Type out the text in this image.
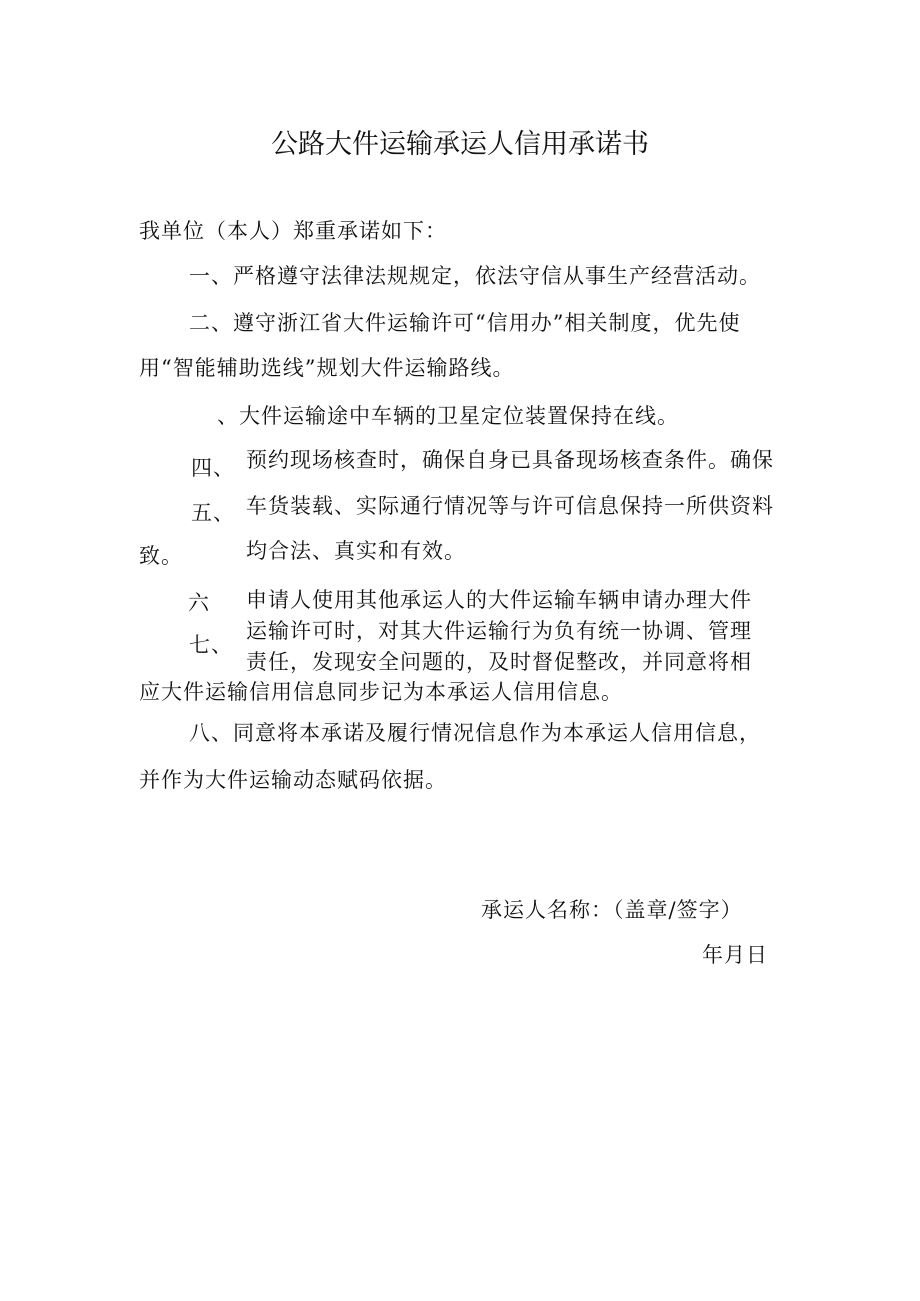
公路大件运输承运人信用承诺书
我单位（本人）郑重承诺如下：
一、严格遵守法律法规规定，依法守信从事生产经营活动。
二、遵守浙江省大件运输许可“信用办”相关制度，优先使
用“智能辅助选线”规划大件运输路线。
、大件运输途中车辆的卫星定位装置保持在线。
四、 预约现场核查时，确保自身已具备现场核查条件。确保
五、 车货装载、实际通行情况等与许可信息保持一所供资料
致。	均合法、真实和有效。
六 申请人使用其他承运人的大件运输车辆申请办理大件
七、
运输许可时，对其大件运输行为负有统一协调、管理
责任，发现安全问题的，及时督促整改，并同意将相
应大件运输信用信息同步记为本承运人信用信息。
八、同意将本承诺及履行情况信息作为本承运人信用信息，
并作为大件运输动态赋码依据。
承运人名称：（盖章/签字）
年月日
